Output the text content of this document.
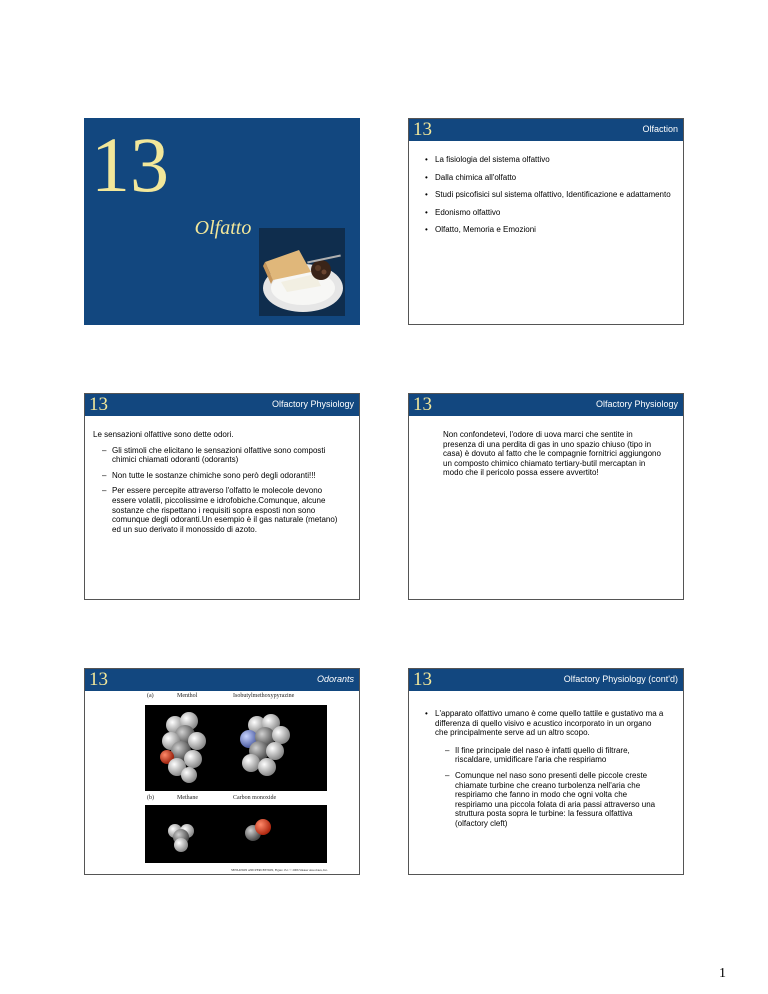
13
Olfatto
13	Olfaction
• La fisiologia del sistema olfattivo
• Dalla chimica all'olfatto
• Studi psicofisici sul sistema olfattivo, Identificazione e adattamento
• Edonismo olfattivo
• Olfatto, Memoria e Emozioni
13	Olfactory Physiology

Le sensazioni olfattive sono dette odori.

– Gli stimoli che elicitano le sensazioni olfattive sono composti chimici chiamati odoranti (odorants)
– Non tutte le sostanze chimiche sono però degli odoranti!!!
– Per essere percepite attraverso l'olfatto le molecole devono essere volatili, piccolissime e idrofobiche.Comunque, alcune sostanze che rispettano i requisiti sopra esposti non sono comunque degli odoranti.Un esempio è il gas naturale (metano) ed un suo derivato il monossido di azoto.
13	Olfactory Physiology

Non confondetevi, l'odore di uova marci che sentite in presenza di una perdita di gas in uno spazio chiuso (tipo in casa) è dovuto al fatto che le compagnie fornitrici aggiungono un composto chimico chiamato tertiary-butil mercaptan in modo che il pericolo possa essere avvertito!

13	Odorants
(a)	Menthol	Isobutylmethoxypyrazine
(b)	Methane	Carbon monoxide
SENSATION AND PERCEPTION, Figure 13.1 © 2006 Sinauer Associates, Inc.
13	Olfactory Physiology (cont'd)
• L'apparato olfattivo umano è come quello tattile e gustativo ma a differenza di quello visivo e acustico incorporato in un organo che principalmente serve ad un altro scopo.
– Il fine principale del naso è infatti quello di filtrare, riscaldare, umidificare l'aria che respiriamo
– Comunque nel naso sono presenti delle piccole creste chiamate turbine che creano turbolenza nell'aria che respiriamo che fanno in modo che ogni volta che respiriamo una piccola folata di aria passi attraverso una struttura posta sopra le turbine: la fessura olfattiva (olfactory cleft)
1
